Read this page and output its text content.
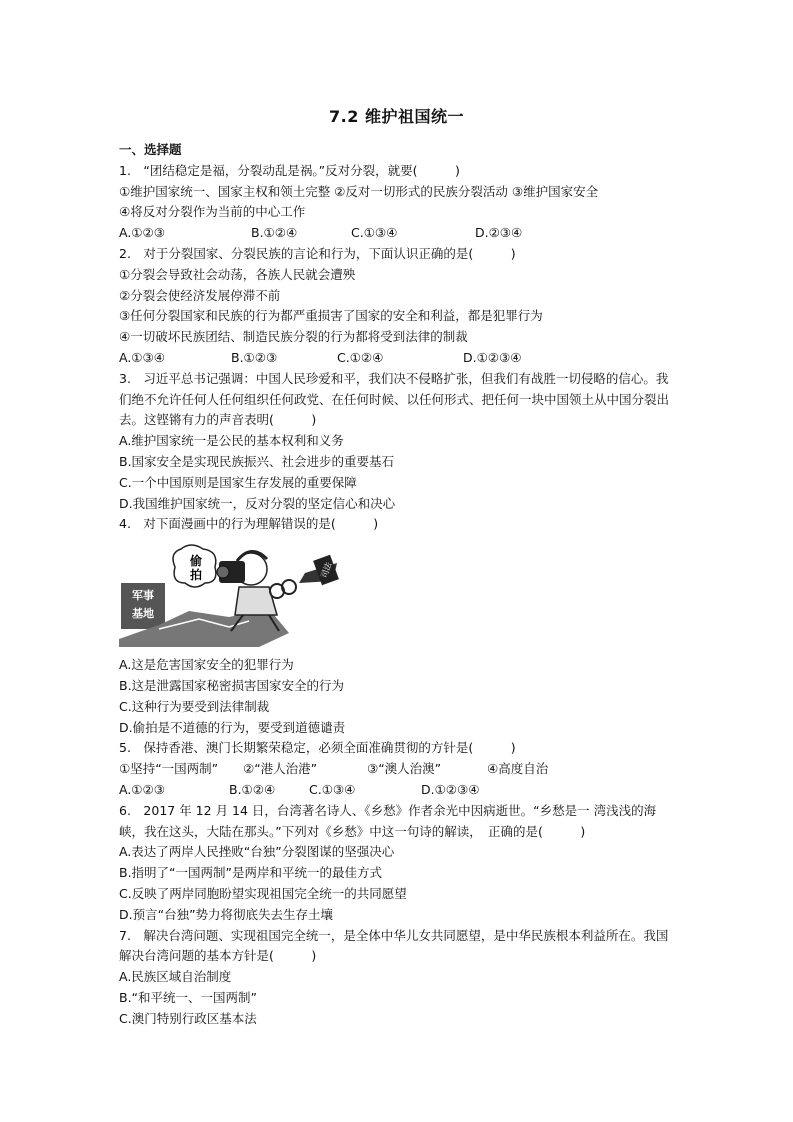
7.2 维护祖国统一
一、选择题
1.　“团结稳定是福，分裂动乱是祸。”反对分裂，就要(　　　)
①维护国家统一、国家主权和领土完整 ②反对一切形式的民族分裂活动 ③维护国家安全
④将反对分裂作为当前的中心工作
A.①②③	B.①②④	C.①③④	D.②③④
2.　对于分裂国家、分裂民族的言论和行为，下面认识正确的是(　　　)
①分裂会导致社会动荡，各族人民就会遭殃
②分裂会使经济发展停滞不前
③任何分裂国家和民族的行为都严重损害了国家的安全和利益，都是犯罪行为
④一切破坏民族团结、制造民族分裂的行为都将受到法律的制裁
A.①③④	B.①②③	C.①②④	D.①②③④
3.　习近平总书记强调：中国人民珍爱和平，我们决不侵略扩张，但我们有战胜一切侵略的信心。我们绝不允许任何人任何组织任何政党、在任何时候、以任何形式、把任何一块中国领土从中国分裂出去。这铿锵有力的声音表明(　　　)
A.维护国家统一是公民的基本权利和义务
B.国家安全是实现民族振兴、社会进步的重要基石
C.一个中国原则是国家生存发展的重要保障
D.我国维护国家统一，反对分裂的坚定信心和决心
4.　对下面漫画中的行为理解错误的是(　　　)
军事
基地
偷
拍	司法
A.这是危害国家安全的犯罪行为
B.这是泄露国家秘密损害国家安全的行为
C.这种行为要受到法律制裁
D.偷拍是不道德的行为，要受到道德谴责
5.　保持香港、澳门长期繁荣稳定，必须全面准确贯彻的方针是(　　　)
①坚持“一国两制”	②“港人治港”	③“澳人治澳”	④高度自治
A.①②③	B.①②④	C.①③④	D.①②③④
6.　2017 年 12 月 14 日，台湾著名诗人、《乡愁》作者余光中因病逝世。“乡愁是一 湾浅浅的海峡，我在这头，大陆在那头。”下列对《乡愁》中这一句诗的解读，　正确的是(　　　)
A.表达了两岸人民挫败“台独”分裂图谋的坚强决心
B.指明了“一国两制”是两岸和平统一的最佳方式
C.反映了两岸同胞盼望实现祖国完全统一的共同愿望
D.预言“台独”势力将彻底失去生存土壤
7.　解决台湾问题、实现祖国完全统一，是全体中华儿女共同愿望，是中华民族根本利益所在。我国解决台湾问题的基本方针是(　　　)
A.民族区域自治制度
B.“和平统一、一国两制”
C.澳门特别行政区基本法
